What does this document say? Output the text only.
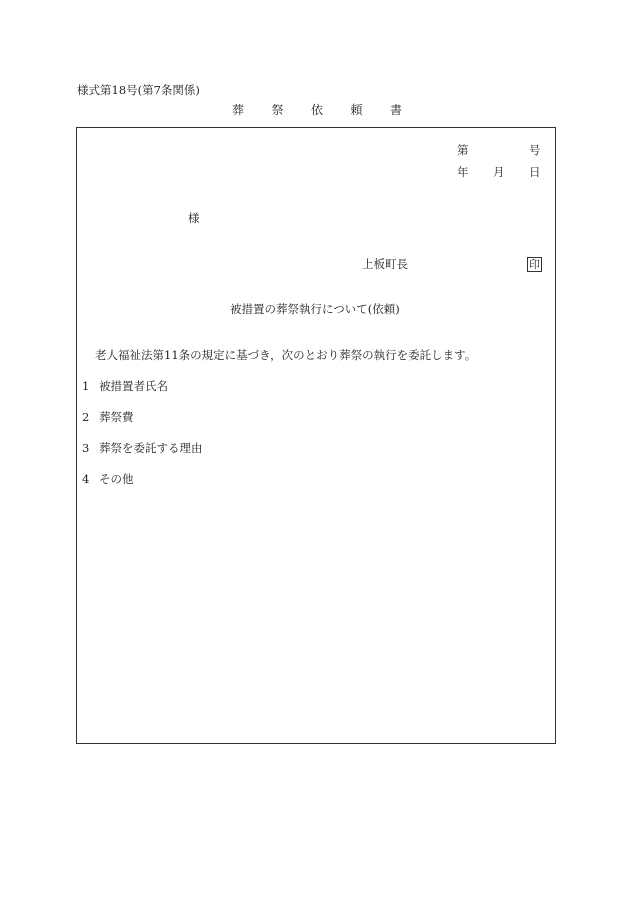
様式第18号(第7条関係)
葬 祭 依 頼 書
第	号
年 月 日
様
上板町長	印
被措置の葬祭執行について(依頼)
老人福祉法第11条の規定に基づき，次のとおり葬祭の執行を委託します。
1 被措置者氏名
2 葬祭費
3 葬祭を委託する理由
4 その他
